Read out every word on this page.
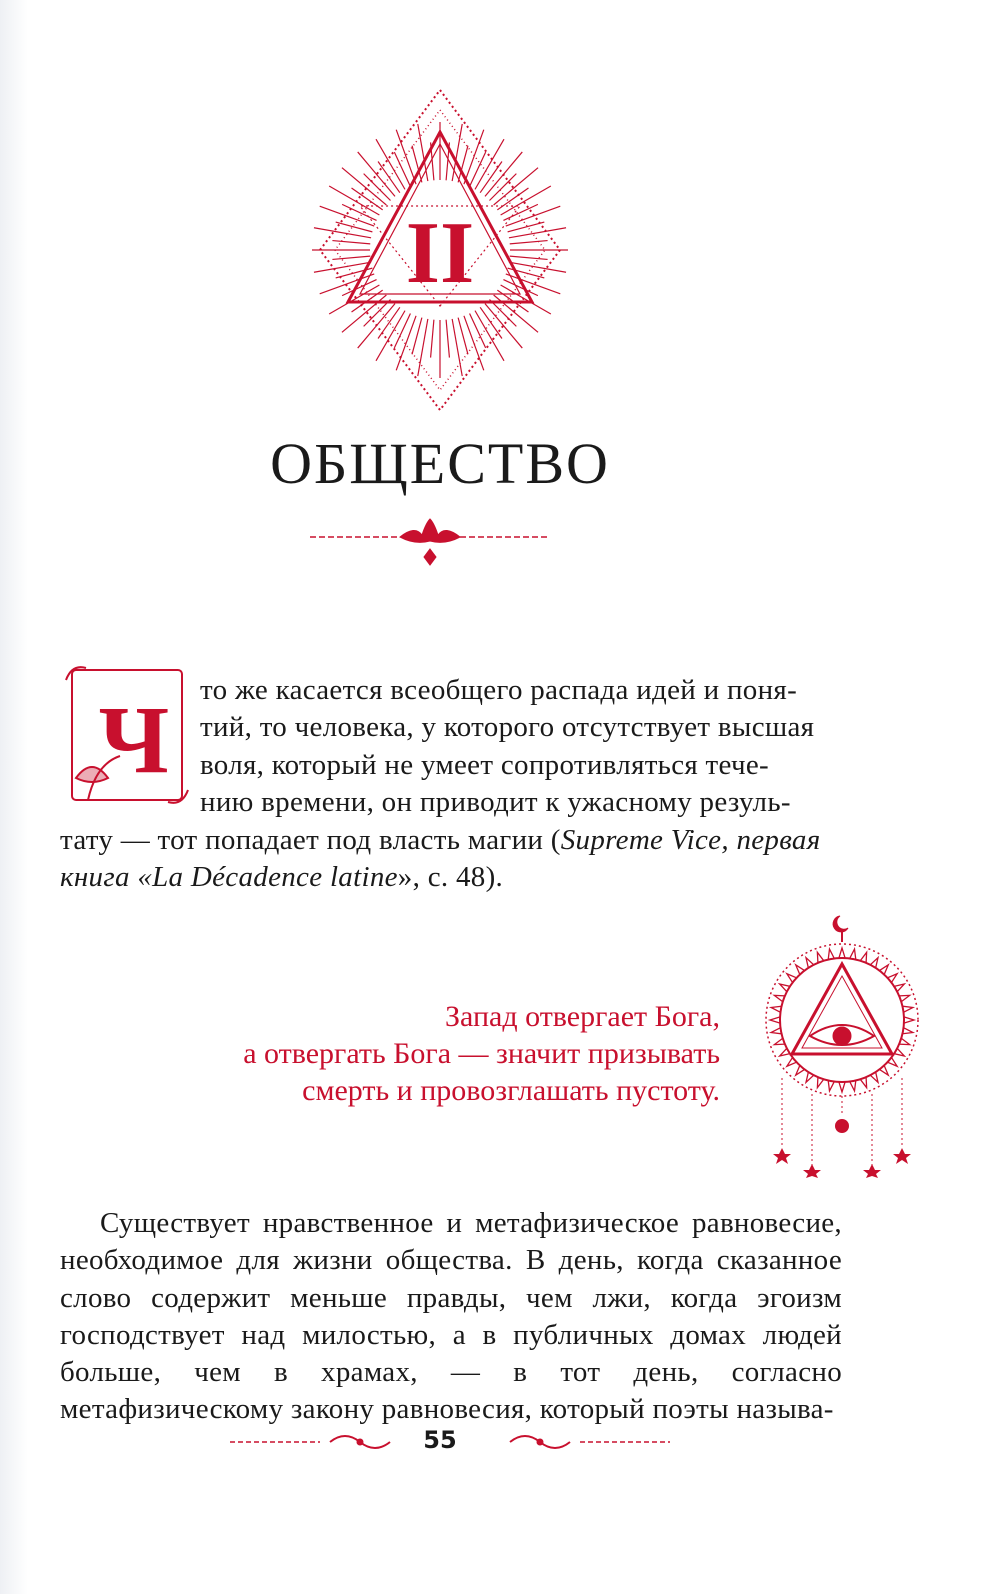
II
ОБЩЕСТВО
Ч то же касается всеобщего распада идей и поня-
тий, то человека, у которого отсутствует высшая
воля, который не умеет сопротивляться тече-
нию времени, он приводит к ужасному резуль-
тату — тот попадает под власть магии (Supreme Vice, первая
книга «La Décadence latine», с. 48).
Запад отвергает Бога,
а отвергать Бога — значит призывать
смерть и провозглашать пустоту.

Существует нравственное и метафизическое равновесие, необходимое для жизни общества. В день, когда сказанное слово содержит меньше правды, чем лжи, когда эгоизм господствует над милостью, а в публичных домах людей больше, чем в храмах, — в тот день, согласно метафизическому закону равновесия, который поэты называ-

55
